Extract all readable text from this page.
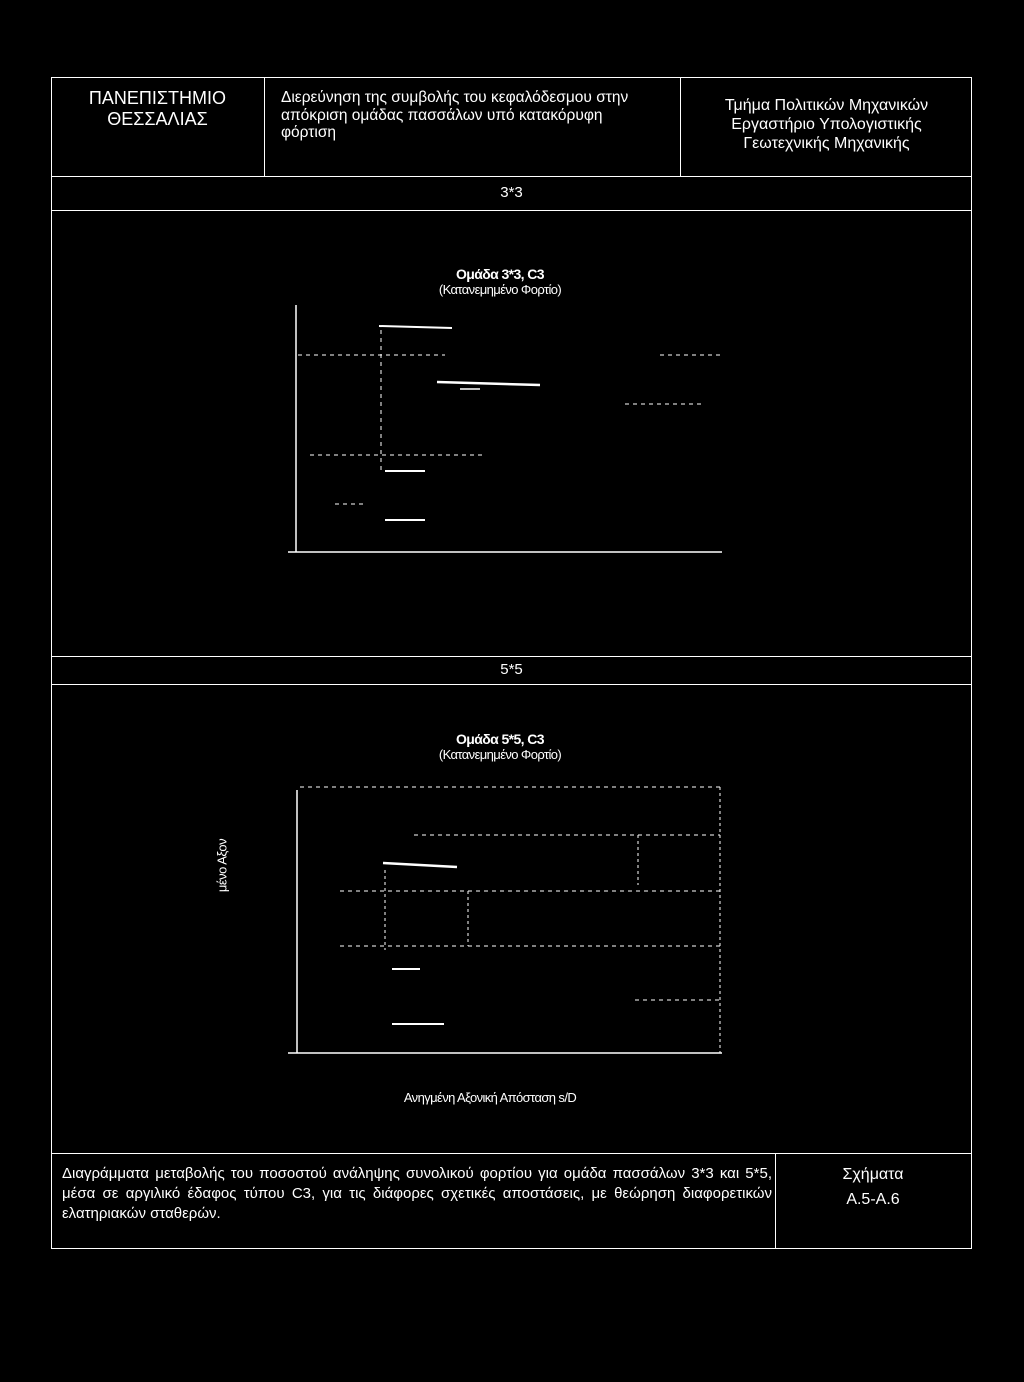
ΠΑΝΕΠΙΣΤΗΜΙΟ
ΘΕΣΣΑΛΙΑΣ
Διερεύνηση της συμβολής του κεφαλόδεσμου στην
απόκριση ομάδας πασσάλων υπό κατακόρυφη
φόρτιση
Τμήμα Πολιτικών Μηχανικών
Εργαστήριο Υπολογιστικής
Γεωτεχνικής Μηχανικής
3*3
5*5
Ομάδα 3*3, C3
(Κατανεμημένο Φορτίο)
Ομάδα 5*5, C3
(Κατανεμημένο Φορτίο)
μένο Αξον
Ανηγμένη Αξονική Απόσταση s/D
Διαγράμματα μεταβολής του ποσοστού ανάληψης συνολικού φορτίου για ομάδα πασσάλων 3*3 και 5*5, μέσα σε αργιλικό έδαφος τύπου C3, για τις διάφορες σχετικές αποστάσεις, με θεώρηση διαφορετικών ελατηριακών σταθερών.
Σχήματα
Α.5-Α.6
